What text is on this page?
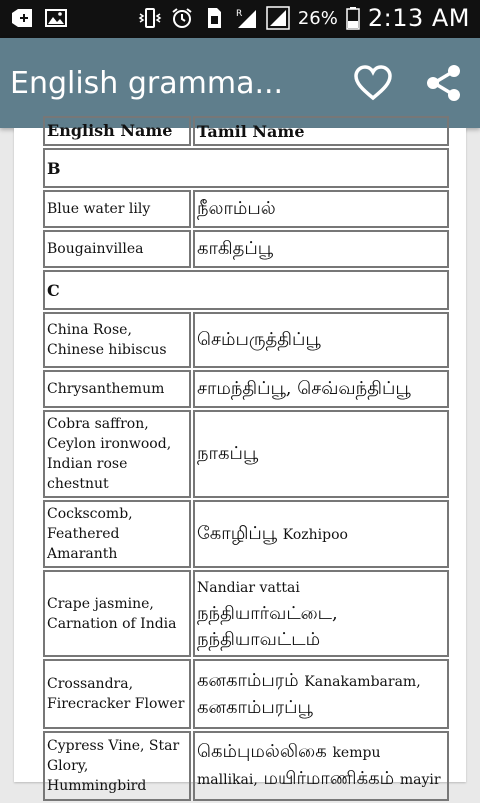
R	26% 2:13 AM
English gramma...
English Name	Tamil Name
B	
Blue water lily	நீலாம்பல்
Bougainvillea	காகிதப்பூ
C	
China Rose, Chinese hibiscus	செம்பருத்திப்பூ
Chrysanthemum	சாமந்திப்பூ, செவ்வந்திப்பூ
Cobra saffron, Ceylon ironwood, Indian rose chestnut	நாகப்பூ
Cockscomb, Feathered Amaranth	கோழிப்பூ Kozhipoo
Crape jasmine, Carnation of India	Nandiar vattai நந்தியார்வட்டை, நந்தியாவட்டம்
Crossandra, Firecracker Flower	கனகாம்பரம் Kanakambaram, கனகாம்பரப்பூ
Cypress Vine, Star Glory, Hummingbird	கெம்புமல்லிகை kempu mallikai, மயிர்மாணிக்கம் mayir
